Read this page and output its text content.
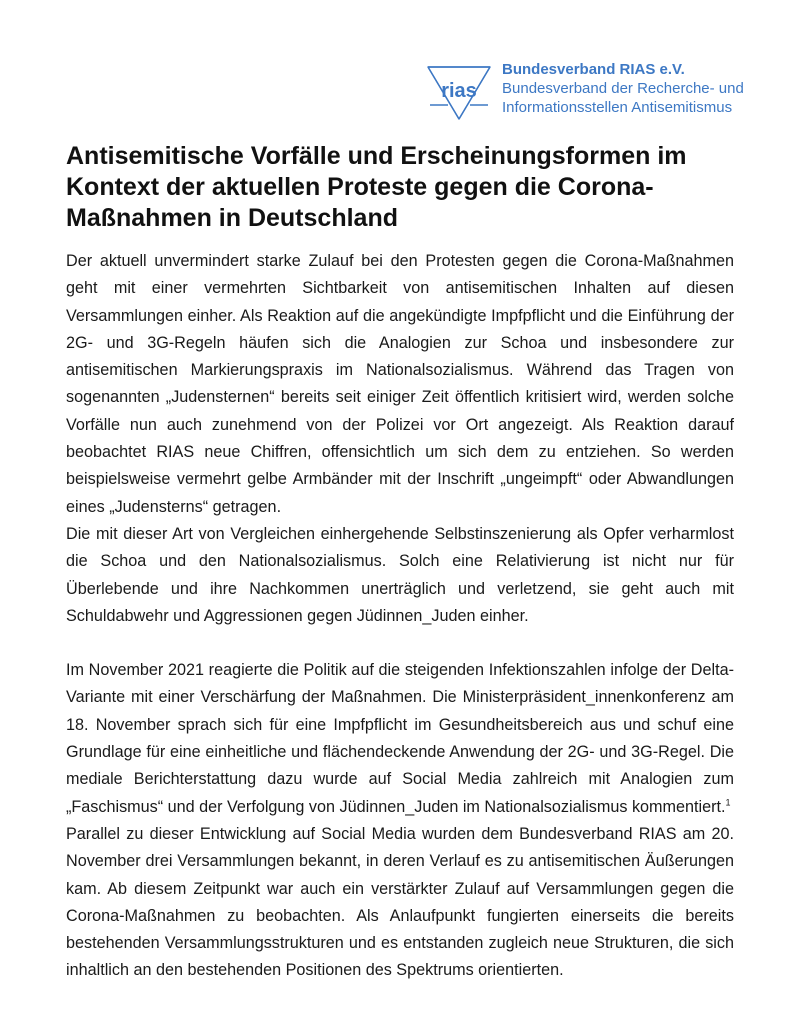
rias

Bundesverband RIAS e.V.

Bundesverband der Recherche- und

Informationsstellen Antisemitismus

Antisemitische Vorfälle und Erscheinungsformen im Kontext der aktuellen Proteste gegen die Corona-Maßnahmen in Deutschland

Der aktuell unvermindert starke Zulauf bei den Protesten gegen die Corona-Maßnahmen geht mit einer vermehrten Sichtbarkeit von antisemitischen Inhalten auf diesen Versammlungen einher. Als Reaktion auf die angekündigte Impfpflicht und die Einführung der 2G- und 3G-Regeln häufen sich die Analogien zur Schoa und insbesondere zur antisemitischen Markierungspraxis im Nationalsozialismus. Während das Tragen von sogenannten „Judensternen“ bereits seit einiger Zeit öffentlich kritisiert wird, werden solche Vorfälle nun auch zunehmend von der Polizei vor Ort angezeigt. Als Reaktion darauf beobachtet RIAS neue Chiffren, offensichtlich um sich dem zu entziehen. So werden beispielsweise vermehrt gelbe Armbänder mit der Inschrift „ungeimpft“ oder Abwandlungen eines „Judensterns“ getragen.

Die mit dieser Art von Vergleichen einhergehende Selbstinszenierung als Opfer verharmlost die Schoa und den Nationalsozialismus. Solch eine Relativierung ist nicht nur für Überlebende und ihre Nachkommen unerträglich und verletzend, sie geht auch mit Schuldabwehr und Aggressionen gegen Jüdinnen_Juden einher.

Im November 2021 reagierte die Politik auf die steigenden Infektionszahlen infolge der Delta-Variante mit einer Verschärfung der Maßnahmen. Die Ministerpräsident_innenkonferenz am 18. November sprach sich für eine Impfpflicht im Gesundheitsbereich aus und schuf eine Grundlage für eine einheitliche und flächendeckende Anwendung der 2G- und 3G-Regel. Die mediale Berichterstattung dazu wurde auf Social Media zahlreich mit Analogien zum „Faschismus“ und der Verfolgung von Jüdinnen_Juden im Nationalsozialismus kommentiert.$^1$

Parallel zu dieser Entwicklung auf Social Media wurden dem Bundesverband RIAS am 20. November drei Versammlungen bekannt, in deren Verlauf es zu antisemitischen Äußerungen kam. Ab diesem Zeitpunkt war auch ein verstärkter Zulauf auf Versammlungen gegen die Corona-Maßnahmen zu beobachten. Als Anlaufpunkt fungierten einerseits die bereits bestehenden Versammlungsstrukturen und es entstanden zugleich neue Strukturen, die sich inhaltlich an den bestehenden Positionen des Spektrums orientierten.
